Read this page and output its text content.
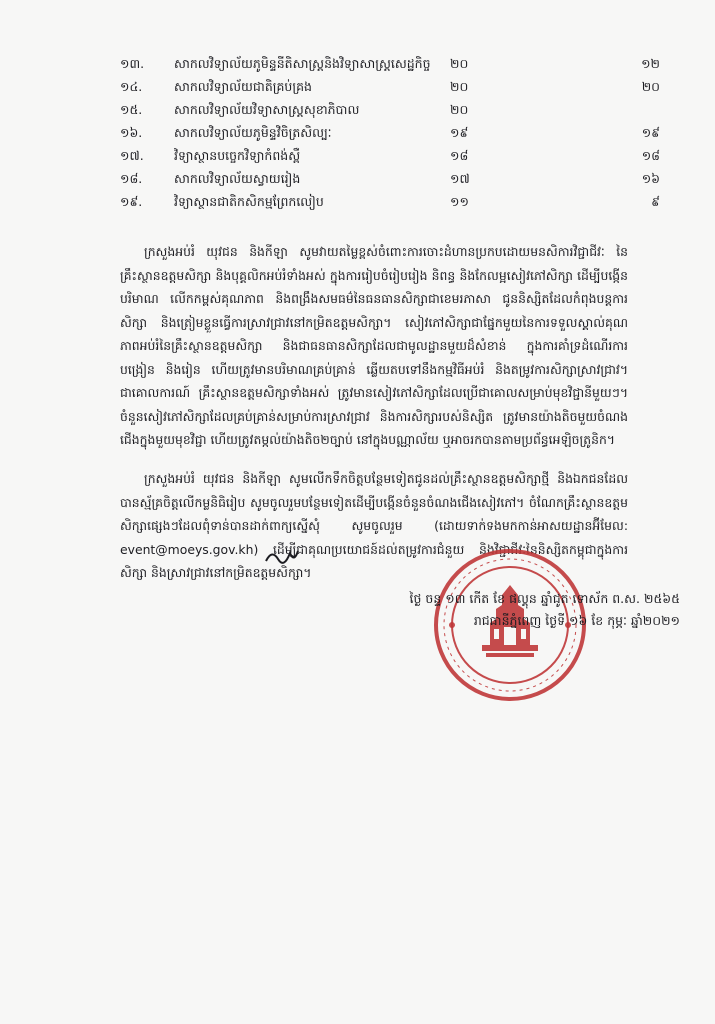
១៣.	សាកលវិទ្យាល័យភូមិន្ទនីតិសាស្ត្រនិងវិទ្យាសាស្ត្រសេដ្ឋកិច្ច	២០	១២
១៤.	សាកលវិទ្យាល័យជាតិគ្រប់គ្រង	២០	២០
១៥.	សាកលវិទ្យាល័យវិទ្យាសាស្ត្រសុខាភិបាល	២០
១៦.	សាកលវិទ្យាល័យភូមិន្ទវិចិត្រសិល្បៈ	១៩	១៩
១៧.	វិទ្យាស្ថានបច្ចេកវិទ្យាកំពង់ស្ពឺ	១៨	១៨
១៨.	សាកលវិទ្យាល័យស្វាយរៀង	១៧	១៦
១៩.	វិទ្យាស្ថានជាតិកសិកម្មព្រែកលៀប	១១	៩

ក្រសួងអប់រំ យុវជន និងកីឡា សូមវាយតម្លៃខ្ពស់ចំពោះការចោះដំហានប្រកបដោយមនសិការវិជ្ជាជីវៈ នៃគ្រឹះស្ថានឧត្តមសិក្សា និងបុគ្គលិកអប់រំទាំងអស់ ក្នុងការរៀបចំរៀបរៀង និពន្ធ និងកែលម្អសៀវភៅសិក្សា ដើម្បីបង្កើនបរិមាណ លើកកម្ពស់គុណភាព និងពង្រឹងសមធម៌នៃធនធានសិក្សាជាខេមរភាសា ជូននិស្សិតដែលកំពុងបន្តការសិក្សា និងត្រៀមខ្លួនធ្វើការស្រាវជ្រាវនៅកម្រិតឧត្តមសិក្សា។ សៀវភៅសិក្សាជាផ្នែកមួយនៃការទទួលស្គាល់គុណភាពអប់រំនៃគ្រឹះស្ថានឧត្តមសិក្សា និងជាធនធានសិក្សាដែលជាមូលដ្ឋានមួយដ៏សំខាន់ ក្នុងការគាំទ្រដំណើរការបង្រៀន និងរៀន ហើយត្រូវមានបរិមាណគ្រប់គ្រាន់ ឆ្លើយតបទៅនឹងកម្មវិធីអប់រំ និងតម្រូវការសិក្សាស្រាវជ្រាវ។ ជាគោលការណ៍ គ្រឹះស្ថានឧត្តមសិក្សាទាំងអស់ ត្រូវមានសៀវភៅសិក្សាដែលប្រើជាគោលសម្រាប់មុខវិជ្ជានីមួយៗ។ ចំនួនសៀវភៅសិក្សាដែលគ្រប់គ្រាន់សម្រាប់ការស្រាវជ្រាវ និងការសិក្សារបស់និស្សិត ត្រូវមានយ៉ាងតិចមួយចំណងជើងក្នុងមួយមុខវិជ្ជា ហើយត្រូវតម្កល់យ៉ាងតិច២ច្បាប់ នៅក្នុងបណ្ណាល័យ ឬអាចរកបានតាមប្រព័ន្ធអេឡិចត្រូនិក។

ក្រសួងអប់រំ យុវជន និងកីឡា សូមលើកទឹកចិត្តបន្ថែមទៀតជូនដល់គ្រឹះស្ថានឧត្តមសិក្សាថ្មី និងឯកជនដែលបានស្ម័គ្រចិត្តលើកម្លនិធិរៀប សូមចូលរួមបន្ថែមទៀតដើម្បីបង្កើនចំនួនចំណងជើងសៀវភៅ។ ចំណែកគ្រឹះស្ថានឧត្តមសិក្សាផ្សេងៗដែលពុំទាន់បានដាក់ពាក្យស្នើសុំ សូមចូលរួម (ដោយទាក់ទងមកកាន់អាសយដ្ឋានអ៊ីមែល: event@moeys.gov.kh) ដើម្បីជាគុណប្រយោជន៍ដល់តម្រូវការជំនួយ និងវិជ្ជាជីវៈនៃនិស្សិតកម្ពុជាក្នុងការសិក្សា និងស្រាវជ្រាវនៅកម្រិតឧត្តមសិក្សា។

ថ្ងៃ ចន្ទ ១៣ កើត ខែ ផល្គុន ឆ្នាំជូត ទោស័ក ព.ស. ២៥៦៥
រាជធានីភ្នំពេញ ថ្ងៃទី ១៦ ខែ កុម្ភៈ ឆ្នាំ២០២១
